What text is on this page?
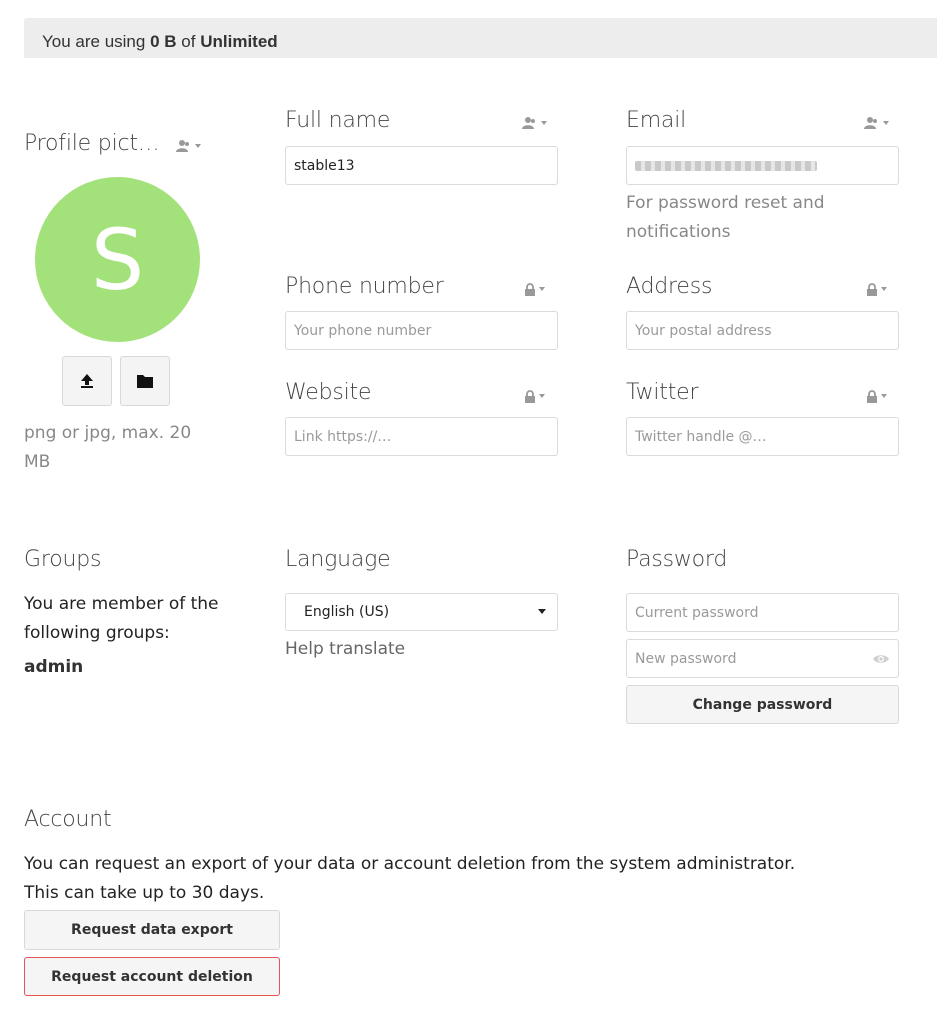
You are using 0 B of Unlimited
Profile pict…
S
png or jpg, max. 20 MB
Full name
stable13
Email
For password reset and notifications
Phone number
Your phone number
Address
Your postal address
Website
Link https://…
Twitter
Twitter handle @…
Groups
You are member of the following groups:
admin
Language
English (US)
Help translate
Password
Current password
New password
Change password
Account
You can request an export of your data or account deletion from the system administrator. This can take up to 30 days.
Request data export
Request account deletion
